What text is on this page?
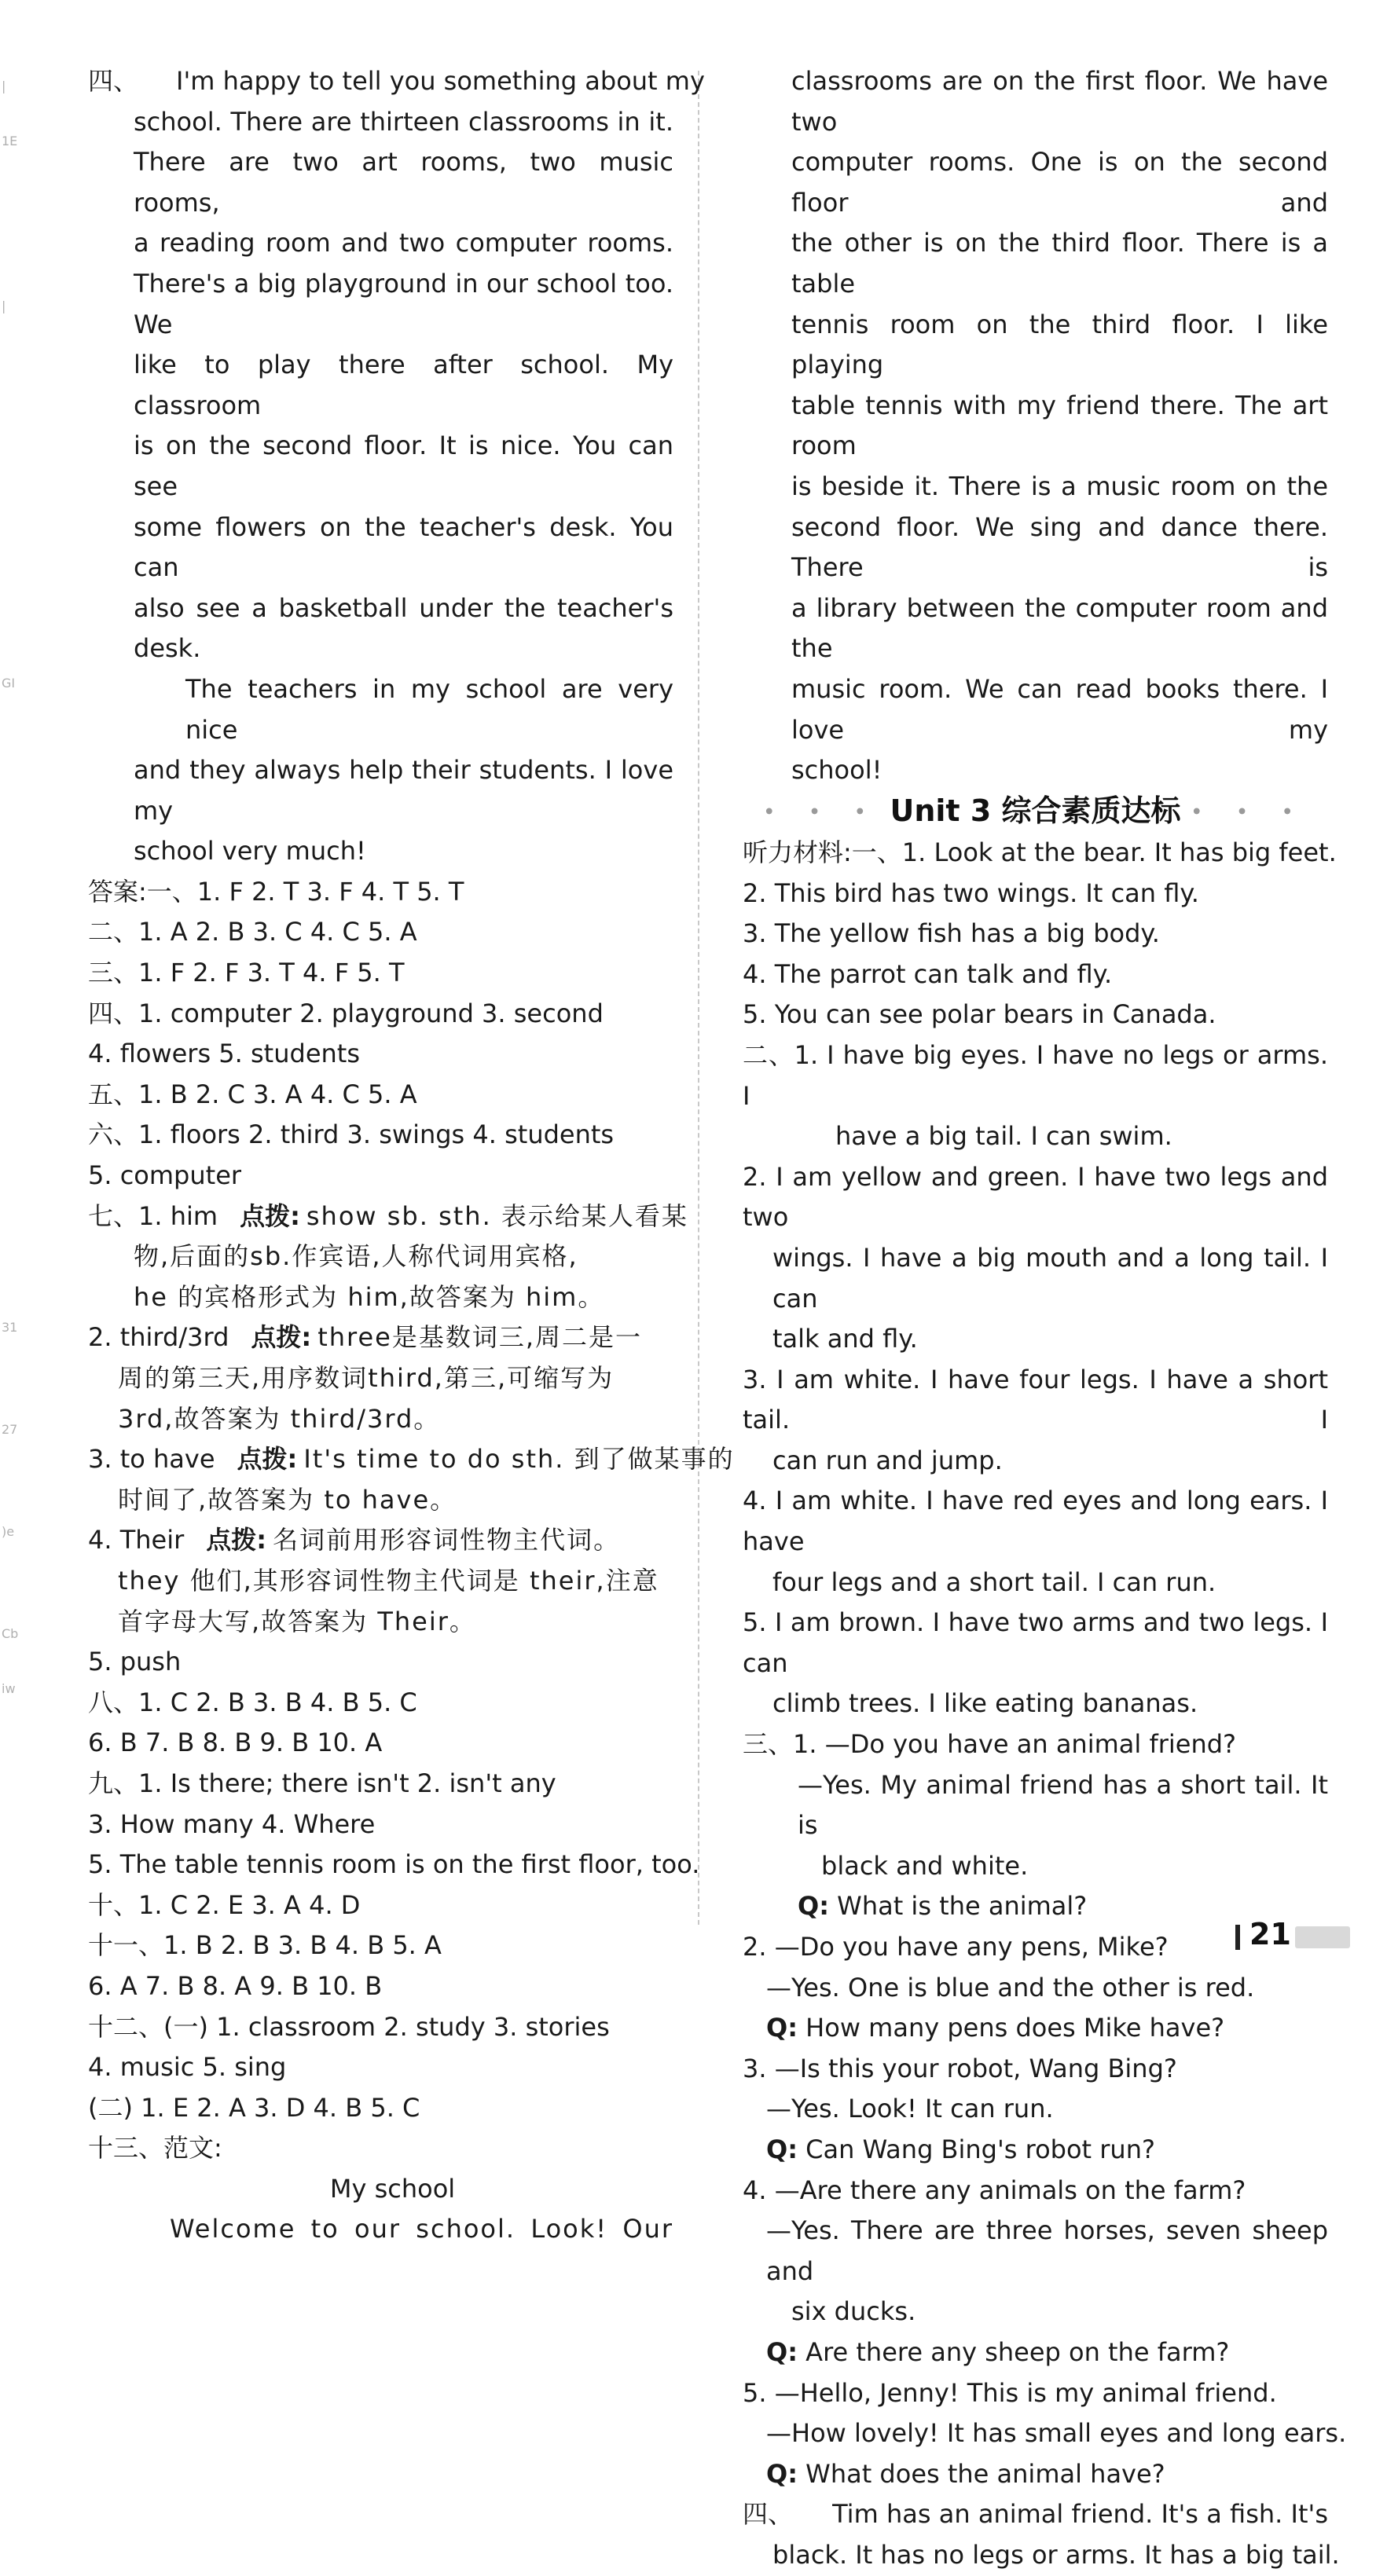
|
1E
|
GI
31
27
)e
Cb
iw
四、 I'm happy to tell you something about my
school. There are thirteen classrooms in it.
There are two art rooms, two music rooms,
a reading room and two computer rooms.
There's a big playground in our school too. We
like to play there after school. My classroom
is on the second floor. It is nice. You can see
some flowers on the teacher's desk. You can
also see a basketball under the teacher's desk.
The teachers in my school are very nice
and they always help their students. I love my
school very much!
答案:一、1. F 2. T 3. F 4. T 5. T
二、1. A 2. B 3. C 4. C 5. A
三、1. F 2. F 3. T 4. F 5. T
四、1. computer 2. playground 3. second
4. flowers 5. students
五、1. B 2. C 3. A 4. C 5. A
六、1. floors 2. third 3. swings 4. students
5. computer
七、1. him 点拨: show sb. sth. 表示给某人看某
物,后面的sb.作宾语,人称代词用宾格,
he 的宾格形式为 him,故答案为 him。
2. third/3rd 点拨: three是基数词三,周二是一
周的第三天,用序数词third,第三,可缩写为
3rd,故答案为 third/3rd。
3. to have 点拨: It's time to do sth. 到了做某事的
时间了,故答案为 to have。
4. Their 点拨: 名词前用形容词性物主代词。
they 他们,其形容词性物主代词是 their,注意
首字母大写,故答案为 Their。
5. push
八、1. C 2. B 3. B 4. B 5. C
6. B 7. B 8. B 9. B 10. A
九、1. Is there; there isn't 2. isn't any
3. How many 4. Where
5. The table tennis room is on the first floor, too.
十、1. C 2. E 3. A 4. D
十一、1. B 2. B 3. B 4. B 5. A
6. A 7. B 8. A 9. B 10. B
十二、(一) 1. classroom 2. study 3. stories
4. music 5. sing
(二) 1. E 2. A 3. D 4. B 5. C
十三、范文:
My school
Welcome to our school. Look! Our
classrooms are on the first floor. We have two
computer rooms. One is on the second floor and
the other is on the third floor. There is a table
tennis room on the third floor. I like playing
table tennis with my friend there. The art room
is beside it. There is a music room on the
second floor. We sing and dance there. There is
a library between the computer room and the
music room. We can read books there. I love my
school!
• • • Unit 3 综合素质达标 • • •
听力材料:一、1. Look at the bear. It has big feet.
2. This bird has two wings. It can fly.
3. The yellow fish has a big body.
4. The parrot can talk and fly.
5. You can see polar bears in Canada.
二、1. I have big eyes. I have no legs or arms. I
have a big tail. I can swim.
2. I am yellow and green. I have two legs and two
wings. I have a big mouth and a long tail. I can
talk and fly.
3. I am white. I have four legs. I have a short tail. I
can run and jump.
4. I am white. I have red eyes and long ears. I have
four legs and a short tail. I can run.
5. I am brown. I have two arms and two legs. I can
climb trees. I like eating bananas.
三、1. —Do you have an animal friend?
—Yes. My animal friend has a short tail. It is
black and white.
Q: What is the animal?
2. —Do you have any pens, Mike?
—Yes. One is blue and the other is red.
Q: How many pens does Mike have?
3. —Is this your robot, Wang Bing?
—Yes. Look! It can run.
Q: Can Wang Bing's robot run?
4. —Are there any animals on the farm?
—Yes. There are three horses, seven sheep and
six ducks.
Q: Are there any sheep on the farm?
5. —Hello, Jenny! This is my animal friend.
—How lovely! It has small eyes and long ears.
Q: What does the animal have?
四、 Tim has an animal friend. It's a fish. It's
black. It has no legs or arms. It has a big tail.
21
